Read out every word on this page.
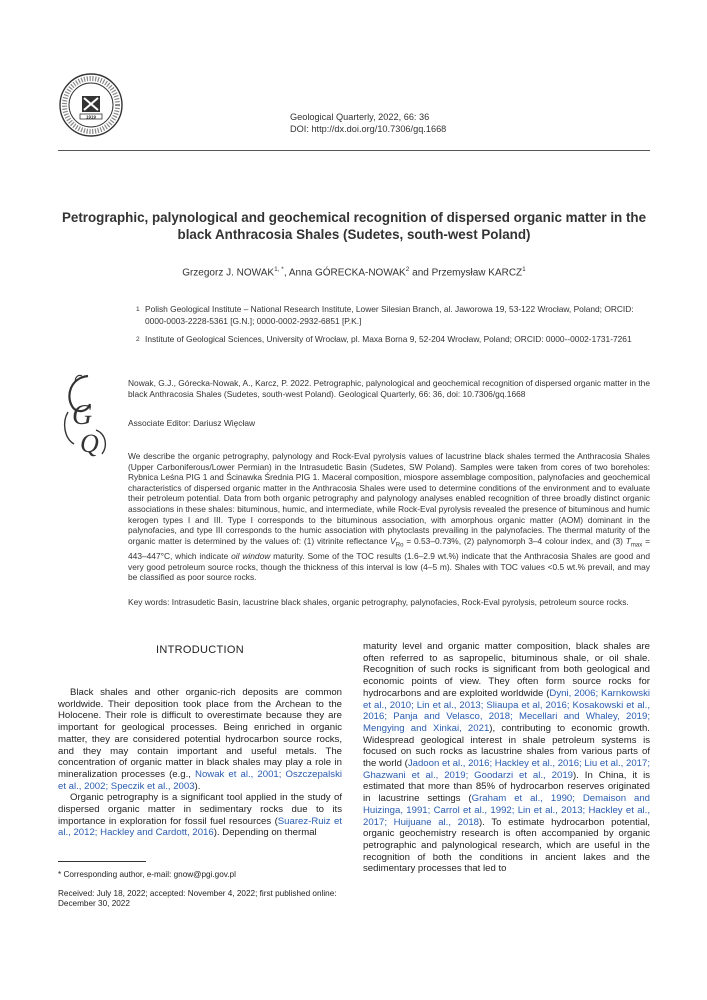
1919	Geological Quarterly, 2022, 66: 36
DOI: http://dx.doi.org/10.7306/gq.1668
Petrographic, palynological and geochemical recognition of dispersed organic matter in the black Anthracosia Shales (Sudetes, south-west Poland)
Grzegorz J. $NOWAK^{1, *}$, Anna GÓRECKA-NOWAK$^2$ and Przemysław KARCZ$^1$
1 Polish Geological Institute – National Research Institute, Lower Silesian Branch, al. Jaworowa 19, 53-122 Wrocław, Poland; ORCID: 0000-0003-2228-5361 [G.N.]; 0000-0002-2932-6851 [P.K.]
2 Institute of Geological Sciences, University of Wrocław, pl. Maxa Borna 9, 52-204 Wrocław, Poland; ORCID: 0000--0002-1731-7261
G
Q
Nowak, G.J., Górecka-Nowak, A., Karcz, P. 2022. Petrographic, palynological and geochemical recognition of dispersed organic matter in the black Anthracosia Shales (Sudetes, south-west Poland). Geological Quarterly, 66: 36, doi: 10.7306/gq.1668
Associate Editor: Dariusz Więcław
We describe the organic petrography, palynology and Rock-Eval pyrolysis values of lacustrine black shales termed the Anthracosia Shales (Upper Carboniferous/Lower Permian) in the Intrasudetic Basin (Sudetes, SW Poland). Samples were taken from cores of two boreholes: Rybnica Leśna PIG 1 and Ścinawka Średnia PIG 1. Maceral composition, miospore assemblage composition, palynofacies and geochemical characteristics of dispersed organic matter in the Anthracosia Shales were used to determine conditions of the environment and to evaluate their petroleum potential. Data from both organic petrography and palynology analyses enabled recognition of three broadly distinct organic associations in these shales: bituminous, humic, and intermediate, while Rock-Eval pyrolysis revealed the presence of bituminous and humic kerogen types I and III. Type I corresponds to the bituminous association, with amorphous organic matter (AOM) dominant in the palynofacies, and type III corresponds to the humic association with phytoclasts prevailing in the palynofacies. The thermal maturity of the organic matter is determined by the values of: (1) vitrinite reflectance $V_{Ro} = 0.53-0.73\%$, (2) palynomorph 3–4 colour index, and (3) $T_{max} = 443-447^\circ C$, which indicate oil window maturity. Some of the TOC results (1.6–2.9 wt.%) indicate that the Anthracosia Shales are good and very good petroleum source rocks, though the thickness of this interval is low (4–5 m). Shales with TOC values <0.5 wt.% prevail, and may be classified as poor source rocks.
Key words: Intrasudetic Basin, lacustrine black shales, organic petrography, palynofacies, Rock-Eval pyrolysis, petroleum source rocks.
INTRODUCTION

Black shales and other organic-rich deposits are common worldwide. Their deposition took place from the Archean to the Holocene. Their role is difficult to overestimate because they are important for geological processes. Being enriched in organic matter, they are considered potential hydrocarbon source rocks, and they may contain important and useful metals. The concentration of organic matter in black shales may play a role in mineralization processes (e.g., Nowak et al., 2001; Oszczepalski et al., 2002; Speczik et al., 2003).

Organic petrography is a significant tool applied in the study of dispersed organic matter in sedimentary rocks due to its importance in exploration for fossil fuel resources (Suarez-Ruiz et al., 2012; Hackley and Cardott, 2016). Depending on thermal

maturity level and organic matter composition, black shales are often referred to as sapropelic, bituminous shale, or oil shale. Recognition of such rocks is significant from both geological and economic points of view. They often form source rocks for hydrocarbons and are exploited worldwide (Dyni, 2006; Karnkowski et al., 2010; Lin et al., 2013; Sliaupa et al, 2016; Kosakowski et al., 2016; Panja and Velasco, 2018; Mecellari and Whaley, 2019; Mengying and Xinkai, 2021), contributing to economic growth. Widespread geological interest in shale petroleum systems is focused on such rocks as lacustrine shales from various parts of the world (Jadoon et al., 2016; Hackley et al., 2016; Liu et al., 2017; Ghazwani et al., 2019; Goodarzi et al., 2019). In China, it is estimated that more than 85% of hydrocarbon reserves originated in lacustrine settings (Graham et al., 1990; Demaison and Huizinga, 1991; Carrol et al., 1992; Lin et al., 2013; Hackley et al., 2017; Huijuane al., 2018). To estimate hydrocarbon potential, organic geochemistry research is often accompanied by organic petrographic and palynological research, which are useful in the recognition of both the conditions in ancient lakes and the sedimentary processes that led to

* Corresponding author, e-mail: gnow@pgi.gov.pl
Received: July 18, 2022; accepted: November 4, 2022; first published online: December 30, 2022
